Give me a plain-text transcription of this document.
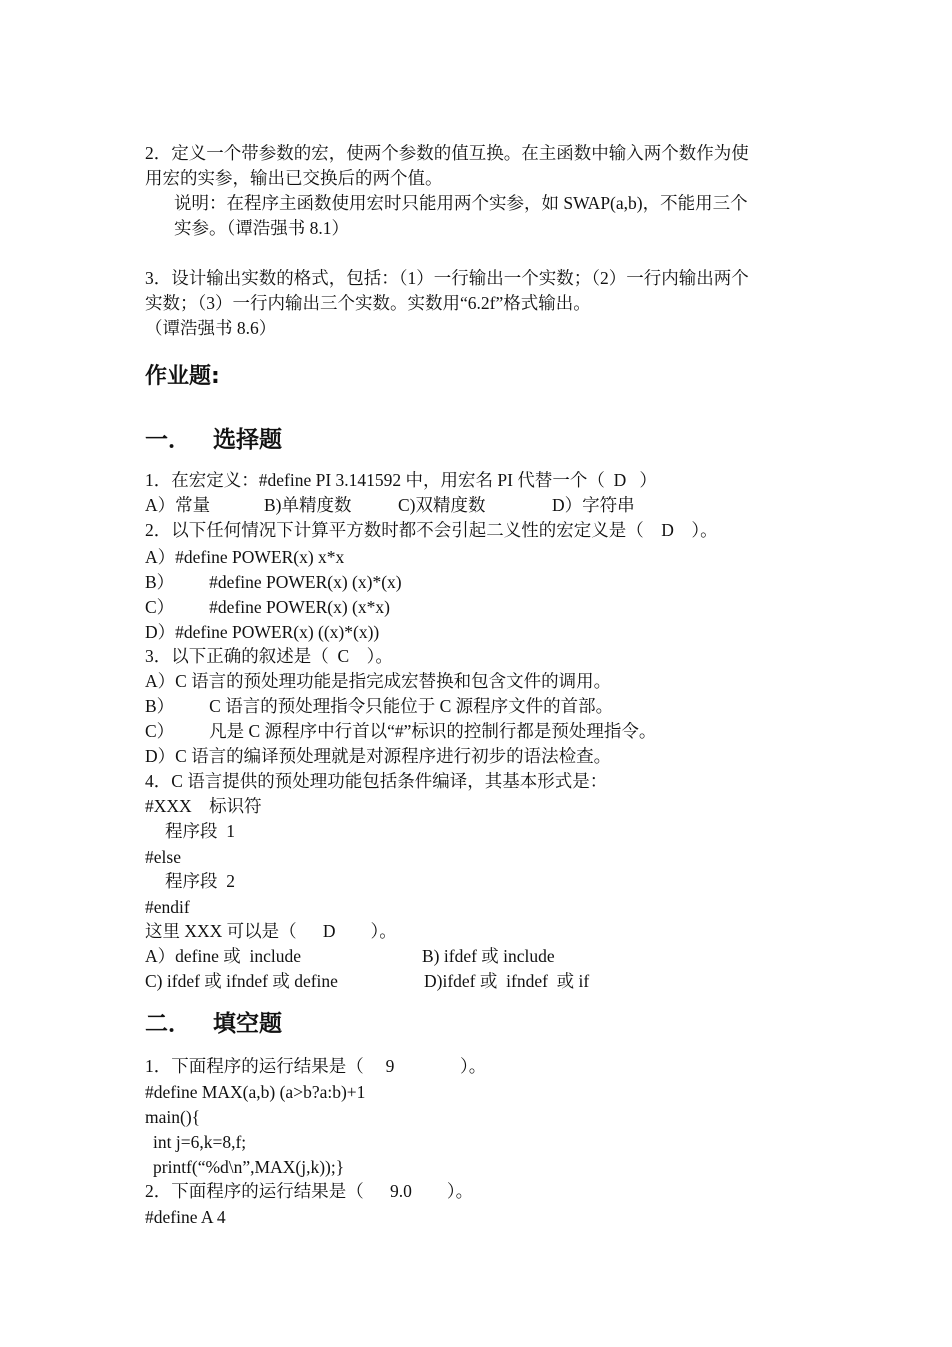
2．定义一个带参数的宏，使两个参数的值互换。在主函数中输入两个数作为使
用宏的实参，输出已交换后的两个值。
说明：在程序主函数使用宏时只能用两个实参，如 SWAP(a,b)，不能用三个
实参。（谭浩强书 8.1）
3．设计输出实数的格式，包括：（1）一行输出一个实数；（2）一行内输出两个
实数；（3）一行内输出三个实数。实数用“6.2f”格式输出。
（谭浩强书 8.6）
作业题:
一． 选择题
1．在宏定义：#define PI 3.141592 中，用宏名 PI 代替一个（  D   ）
A）常量	B)单精度数	C)双精度数	D）字符串
2．以下任何情况下计算平方数时都不会引起二义性的宏定义是（    D    ）。
A）#define POWER(x) x*x
B）        #define POWER(x) (x)*(x)
C）        #define POWER(x) (x*x)
D）#define POWER(x) ((x)*(x))
3．以下正确的叙述是（  C    ）。
A）C 语言的预处理功能是指完成宏替换和包含文件的调用。
B）        C 语言的预处理指令只能位于 C 源程序文件的首部。
C）        凡是 C 源程序中行首以“#”标识的控制行都是预处理指令。
D）C 语言的编译预处理就是对源程序进行初步的语法检查。
4．C 语言提供的预处理功能包括条件编译，其基本形式是：
#XXX    标识符
程序段  1
#else
程序段  2
#endif
这里 XXX 可以是（      D        ）。
A）define 或  include	B) ifdef 或 include
C) ifdef 或 ifndef 或 define	D)ifdef 或  ifndef  或 if
二． 填空题
1．下面程序的运行结果是（     9               ）。
#define MAX(a,b) (a>b?a:b)+1
main(){
int j=6,k=8,f;
printf(“%d\n”,MAX(j,k));}
2．下面程序的运行结果是（      9.0        ）。
#define A 4
